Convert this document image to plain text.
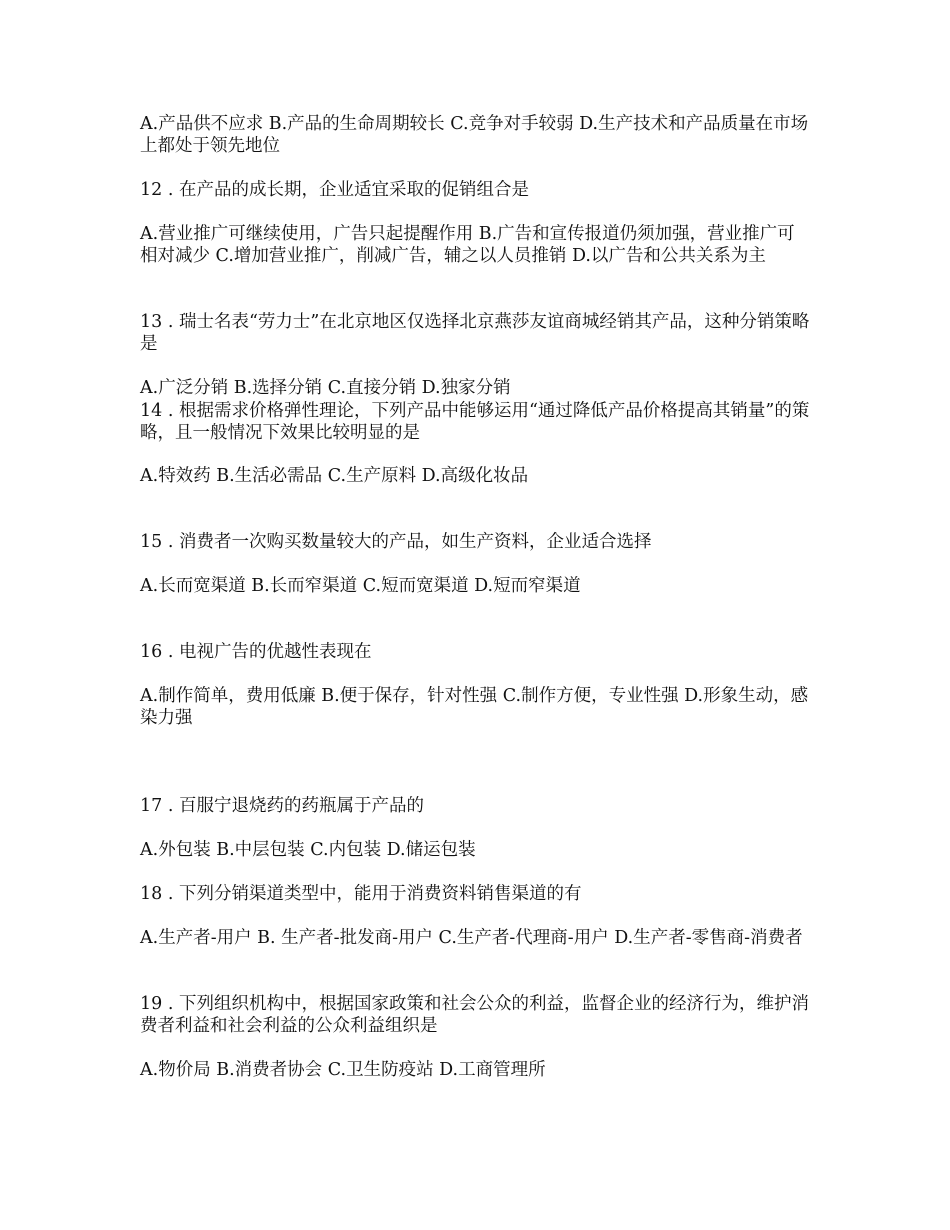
A.产品供不应求 B.产品的生命周期较长 C.竞争对手较弱 D.生产技术和产品质量在市场上都处于领先地位
12 . 在产品的成长期，企业适宜采取的促销组合是
A.营业推广可继续使用，广告只起提醒作用 B.广告和宣传报道仍须加强，营业推广可相对减少 C.增加营业推广，削减广告，辅之以人员推销 D.以广告和公共关系为主
13 . 瑞士名表“劳力士”在北京地区仅选择北京燕莎友谊商城经销其产品，这种分销策略是
A.广泛分销 B.选择分销 C.直接分销 D.独家分销
14 . 根据需求价格弹性理论，下列产品中能够运用“通过降低产品价格提高其销量”的策略，且一般情况下效果比较明显的是
A.特效药 B.生活必需品 C.生产原料 D.高级化妆品
15 . 消费者一次购买数量较大的产品，如生产资料，企业适合选择
A.长而宽渠道 B.长而窄渠道 C.短而宽渠道 D.短而窄渠道
16 . 电视广告的优越性表现在
A.制作简单，费用低廉 B.便于保存，针对性强 C.制作方便，专业性强 D.形象生动，感染力强
17 . 百服宁退烧药的药瓶属于产品的
A.外包装 B.中层包装 C.内包装 D.储运包装
18 . 下列分销渠道类型中，能用于消费资料销售渠道的有
A.生产者-用户 B. 生产者-批发商-用户 C.生产者-代理商-用户 D.生产者-零售商-消费者
19 . 下列组织机构中，根据国家政策和社会公众的利益，监督企业的经济行为，维护消费者利益和社会利益的公众利益组织是
A.物价局 B.消费者协会 C.卫生防疫站 D.工商管理所
